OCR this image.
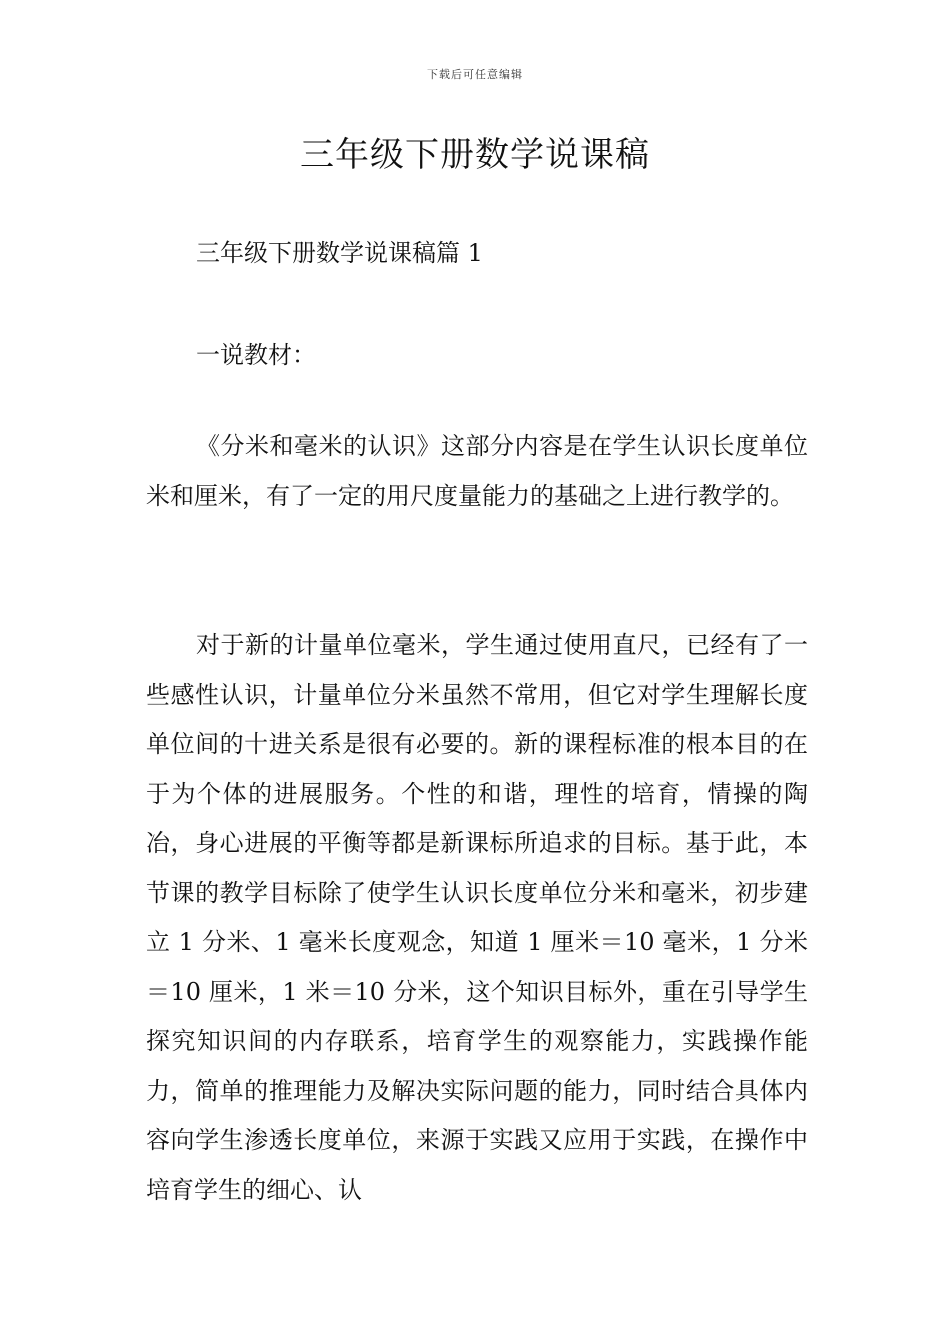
下载后可任意编辑
三年级下册数学说课稿
三年级下册数学说课稿篇 1
一说教材：

《分米和毫米的认识》这部分内容是在学生认识长度单位米和厘米，有了一定的用尺度量能力的基础之上进行教学的。

对于新的计量单位毫米，学生通过使用直尺，已经有了一些感性认识，计量单位分米虽然不常用，但它对学生理解长度单位间的十进关系是很有必要的。新的课程标准的根本目的在于为个体的进展服务。个性的和谐，理性的培育，情操的陶冶，身心进展的平衡等都是新课标所追求的目标。基于此，本节课的教学目标除了使学生认识长度单位分米和毫米，初步建立 1 分米、1 毫米长度观念，知道 1 厘米＝10 毫米，1 分米＝10 厘米，1 米＝10 分米，这个知识目标外，重在引导学生探究知识间的内存联系，培育学生的观察能力，实践操作能力，简单的推理能力及解决实际问题的能力，同时结合具体内容向学生渗透长度单位，来源于实践又应用于实践，在操作中培育学生的细心、认
